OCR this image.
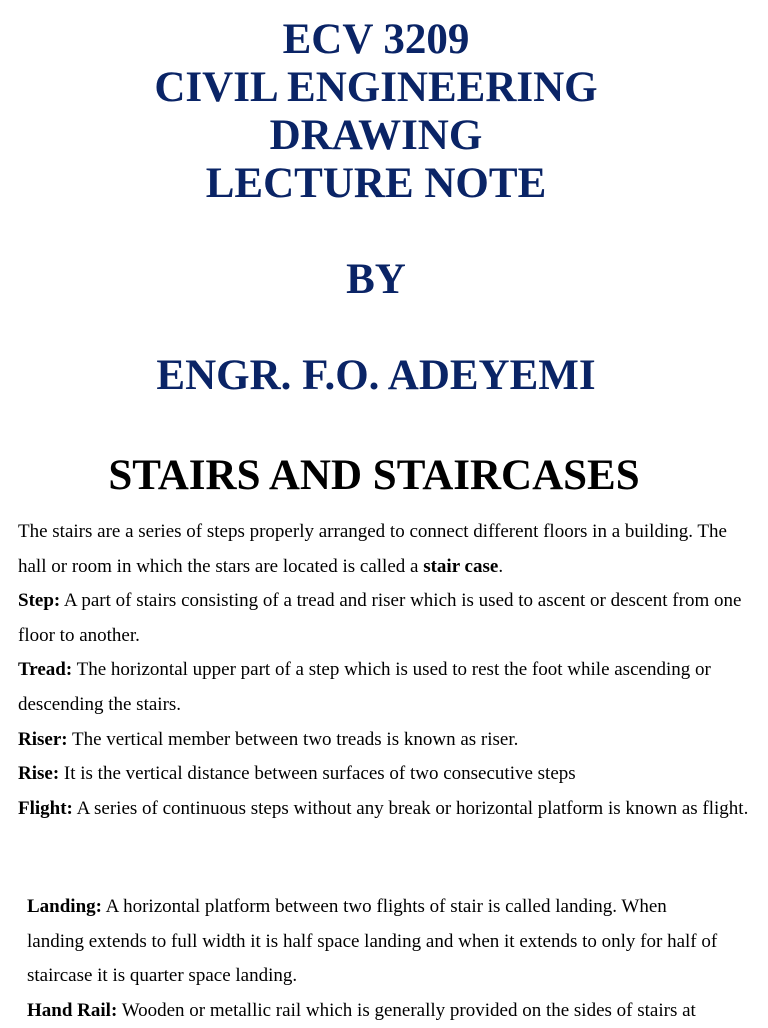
ECV 3209
CIVIL ENGINEERING
DRAWING
LECTURE NOTE
BY
ENGR. F.O. ADEYEMI
STAIRS AND STAIRCASES

The stairs are a series of steps properly arranged to connect different floors in a building. The hall or room in which the stars are located is called a stair case.

Step: A part of stairs consisting of a tread and riser which is used to ascent or descent from one floor to another.

Tread: The horizontal upper part of a step which is used to rest the foot while ascending or descending the stairs.

Riser: The vertical member between two treads is known as riser.

Rise: It is the vertical distance between surfaces of two consecutive steps

Flight: A series of continuous steps without any break or horizontal platform is known as flight.

Landing: A horizontal platform between two flights of stair is called landing. When landing extends to full width it is half space landing and when it extends to only for half of staircase it is quarter space landing.

Hand Rail: Wooden or metallic rail which is generally provided on the sides of stairs at
